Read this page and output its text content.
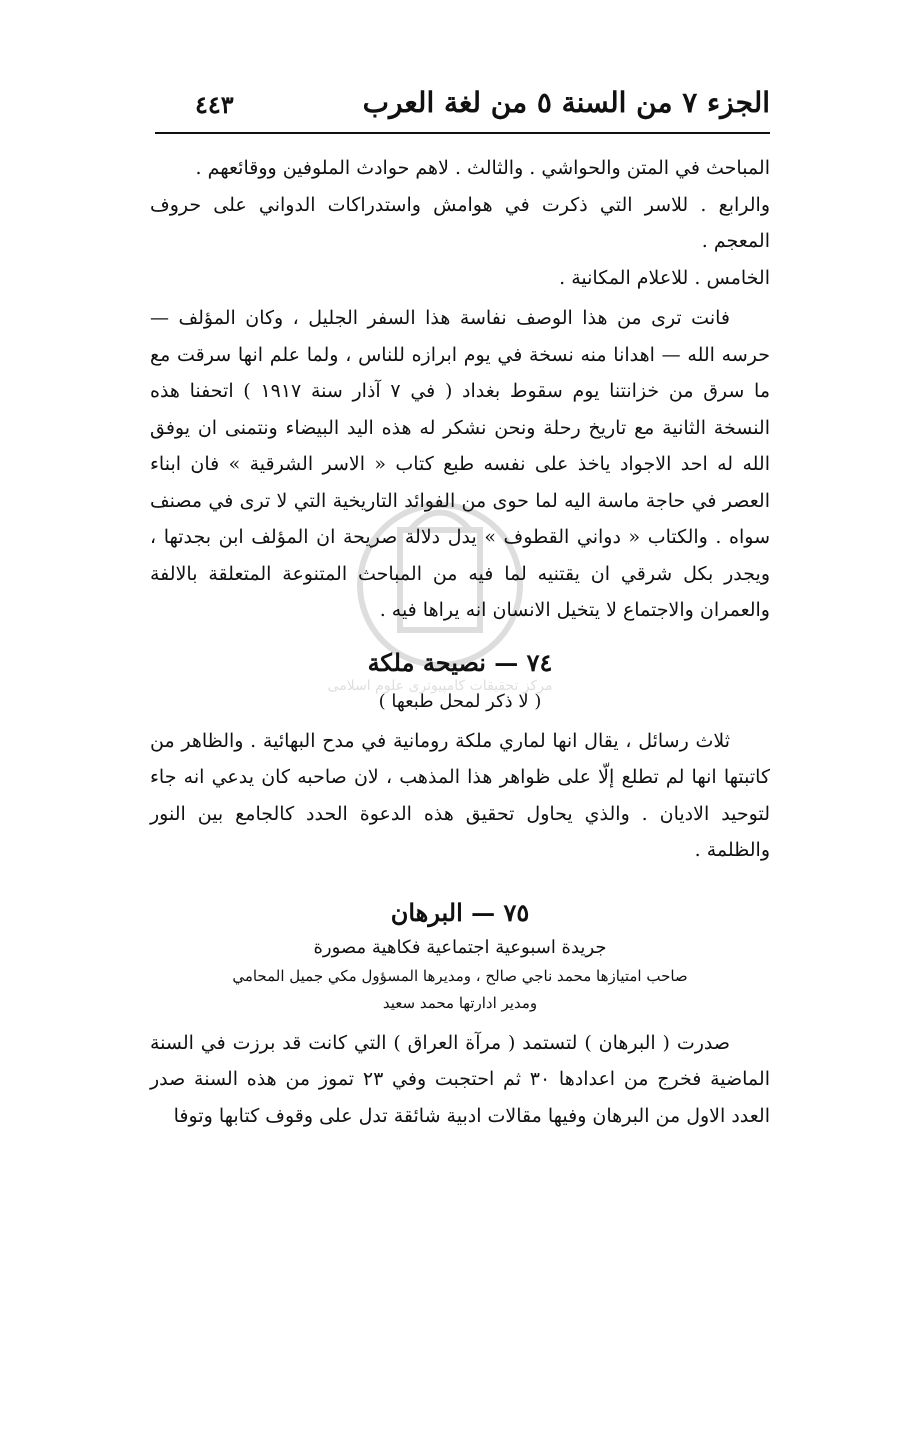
الجزء ٧ من السنة ٥ من لغة العرب
٤٤٣
مرکز تحقیقات کامپیوتری علوم اسلامی

المباحث في المتن والحواشي . والثالث . لاهم حوادث الملوفين ووقائعهم .

والرابع . للاسر التي ذكرت في هوامش واستدراكات الدواني على حروف المعجم .

الخامس . للاعلام المكانية .

فانت ترى من هذا الوصف نفاسة هذا السفر الجليل ، وكان المؤلف — حرسه الله — اهدانا منه نسخة في يوم ابرازه للناس ، ولما علم انها سرقت مع ما سرق من خزانتنا يوم سقوط بغداد ( في ٧ آذار سنة ١٩١٧ ) اتحفنا هذه النسخة الثانية مع تاريخ رحلة ونحن نشكر له هذه اليد البيضاء ونتمنى ان يوفق الله له احد الاجواد ياخذ على نفسه طبع كتاب « الاسر الشرقية » فان ابناء العصر في حاجة ماسة اليه لما حوى من الفوائد التاريخية التي لا ترى في مصنف سواه . والكتاب « دواني القطوف » يدل دلالة صريحة ان المؤلف ابن بجدتها ، ويجدر بكل شرقي ان يقتنيه لما فيه من المباحث المتنوعة المتعلقة بالالفة والعمران والاجتماع لا يتخيل الانسان انه يراها فيه .

٧٤ — نصيحة ملكة
( لا ذكر لمحل طبعها )

ثلاث رسائل ، يقال انها لماري ملكة رومانية في مدح البهائية . والظاهر من كاتبتها انها لم تطلع إلّا على ظواهر هذا المذهب ، لان صاحبه كان يدعي انه جاء لتوحيد الاديان . والذي يحاول تحقيق هذه الدعوة الحدد كالجامع بين النور والظلمة .

٧٥ — البرهان
جريدة اسبوعية اجتماعية فكاهية مصورة
صاحب امتيازها محمد ناجي صالح ، ومديرها المسؤول مكي جميل المحامي
ومدير ادارتها محمد سعيد

صدرت ( البرهان ) لتستمد ( مرآة العراق ) التي كانت قد برزت في السنة الماضية فخرج من اعدادها ٣٠ ثم احتجبت وفي ٢٣ تموز من هذه السنة صدر العدد الاول من البرهان وفيها مقالات ادبية شائقة تدل على وقوف كتابها وتوفا
